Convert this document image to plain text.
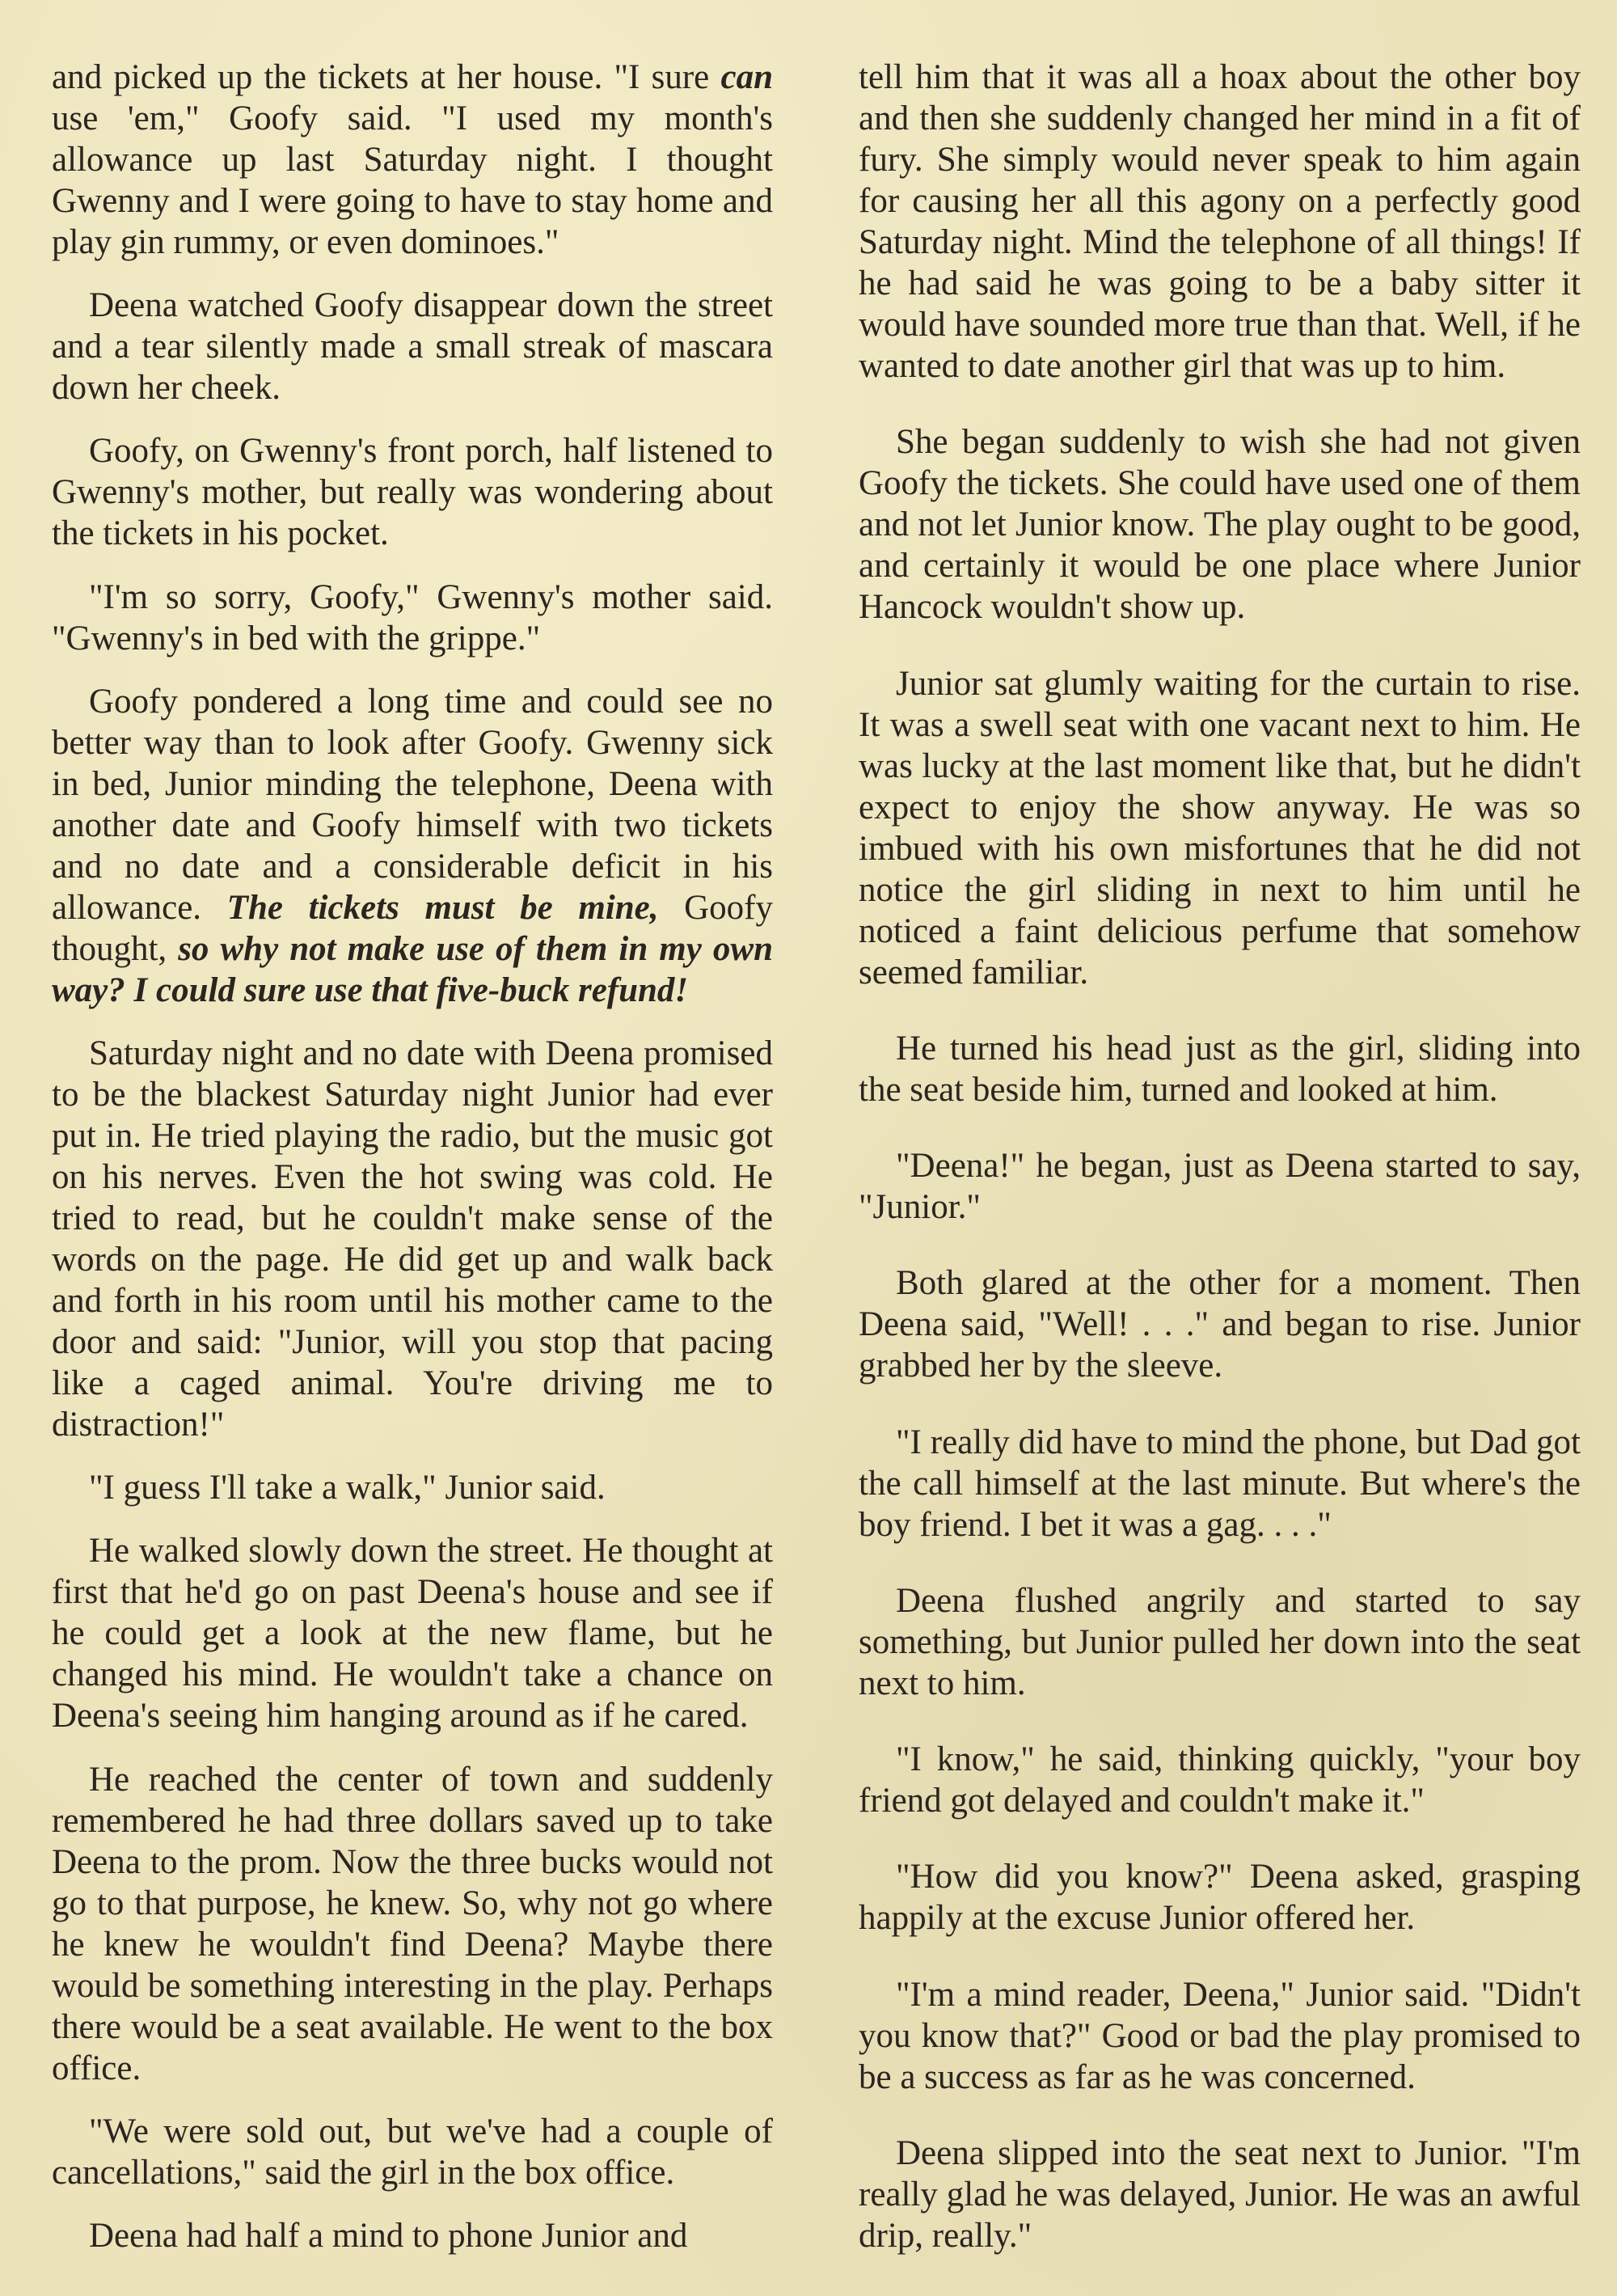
and picked up the tickets at her house. "I sure can use 'em," Goofy said. "I used my month's allowance up last Saturday night. I thought Gwenny and I were going to have to stay home and play gin rummy, or even dominoes."

Deena watched Goofy disappear down the street and a tear silently made a small streak of mascara down her cheek.

Goofy, on Gwenny's front porch, half listened to Gwenny's mother, but really was wondering about the tickets in his pocket.

"I'm so sorry, Goofy," Gwenny's mother said. "Gwenny's in bed with the grippe."

Goofy pondered a long time and could see no better way than to look after Goofy. Gwenny sick in bed, Junior minding the telephone, Deena with another date and Goofy himself with two tickets and no date and a considerable deficit in his allowance. The tickets must be mine, Goofy thought, so why not make use of them in my own way? I could sure use that five-buck refund!

Saturday night and no date with Deena promised to be the blackest Saturday night Junior had ever put in. He tried playing the radio, but the music got on his nerves. Even the hot swing was cold. He tried to read, but he couldn't make sense of the words on the page. He did get up and walk back and forth in his room until his mother came to the door and said: "Junior, will you stop that pacing like a caged animal. You're driving me to distraction!"

"I guess I'll take a walk," Junior said.

He walked slowly down the street. He thought at first that he'd go on past Deena's house and see if he could get a look at the new flame, but he changed his mind. He wouldn't take a chance on Deena's seeing him hanging around as if he cared.

He reached the center of town and suddenly remembered he had three dollars saved up to take Deena to the prom. Now the three bucks would not go to that purpose, he knew. So, why not go where he knew he wouldn't find Deena? Maybe there would be something interesting in the play. Perhaps there would be a seat available. He went to the box office.

"We were sold out, but we've had a couple of cancellations," said the girl in the box office.

Deena had half a mind to phone Junior and

tell him that it was all a hoax about the other boy and then she suddenly changed her mind in a fit of fury. She simply would never speak to him again for causing her all this agony on a perfectly good Saturday night. Mind the telephone of all things! If he had said he was going to be a baby sitter it would have sounded more true than that. Well, if he wanted to date another girl that was up to him.

She began suddenly to wish she had not given Goofy the tickets. She could have used one of them and not let Junior know. The play ought to be good, and certainly it would be one place where Junior Hancock wouldn't show up.

Junior sat glumly waiting for the curtain to rise. It was a swell seat with one vacant next to him. He was lucky at the last moment like that, but he didn't expect to enjoy the show anyway. He was so imbued with his own misfortunes that he did not notice the girl sliding in next to him until he noticed a faint delicious perfume that somehow seemed familiar.

He turned his head just as the girl, sliding into the seat beside him, turned and looked at him.

"Deena!" he began, just as Deena started to say, "Junior."

Both glared at the other for a moment. Then Deena said, "Well! . . ." and began to rise. Junior grabbed her by the sleeve.

"I really did have to mind the phone, but Dad got the call himself at the last minute. But where's the boy friend. I bet it was a gag. . . ."

Deena flushed angrily and started to say something, but Junior pulled her down into the seat next to him.

"I know," he said, thinking quickly, "your boy friend got delayed and couldn't make it."

"How did you know?" Deena asked, grasping happily at the excuse Junior offered her.

"I'm a mind reader, Deena," Junior said. "Didn't you know that?" Good or bad the play promised to be a success as far as he was concerned.

Deena slipped into the seat next to Junior. "I'm really glad he was delayed, Junior. He was an awful drip, really."
